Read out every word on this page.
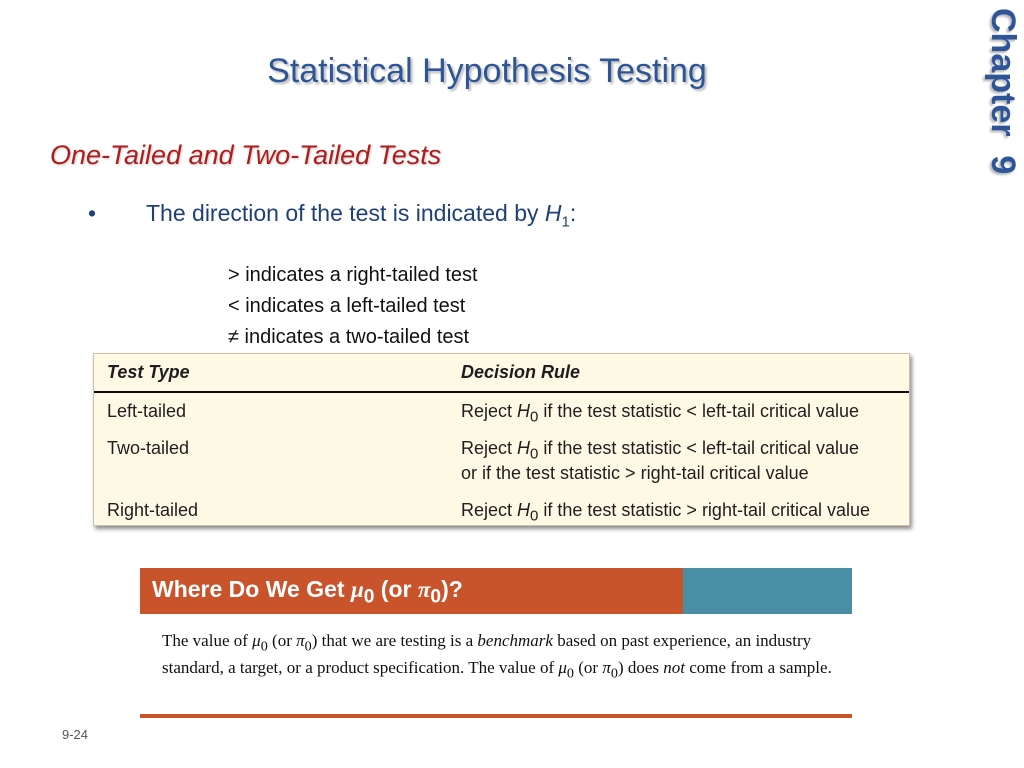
Statistical Hypothesis Testing	Chapter  9
One-Tailed and Two-Tailed Tests
• The direction of the test is indicated by $H_1$:
> indicates a right-tailed test
< indicates a left-tailed test
≠ indicates a two-tailed test
Test Type	Decision Rule
Left-tailed	Reject $H_0$ if the test statistic < left-tail critical value
Two-tailed	Reject $H_0$ if the test statistic < left-tail critical value
or if the test statistic > right-tail critical value
Right-tailed	Reject $H_0$ if the test statistic > right-tail critical value
Where Do We Get $\mu_0$ (or $\pi_0$)?
The value of $\mu_0$ (or $\pi_0$) that we are testing is a benchmark based on past experience, an industry standard, a target, or a product specification. The value of $\mu_0$ (or $\pi_0$) does not come from a sample.
9-24
